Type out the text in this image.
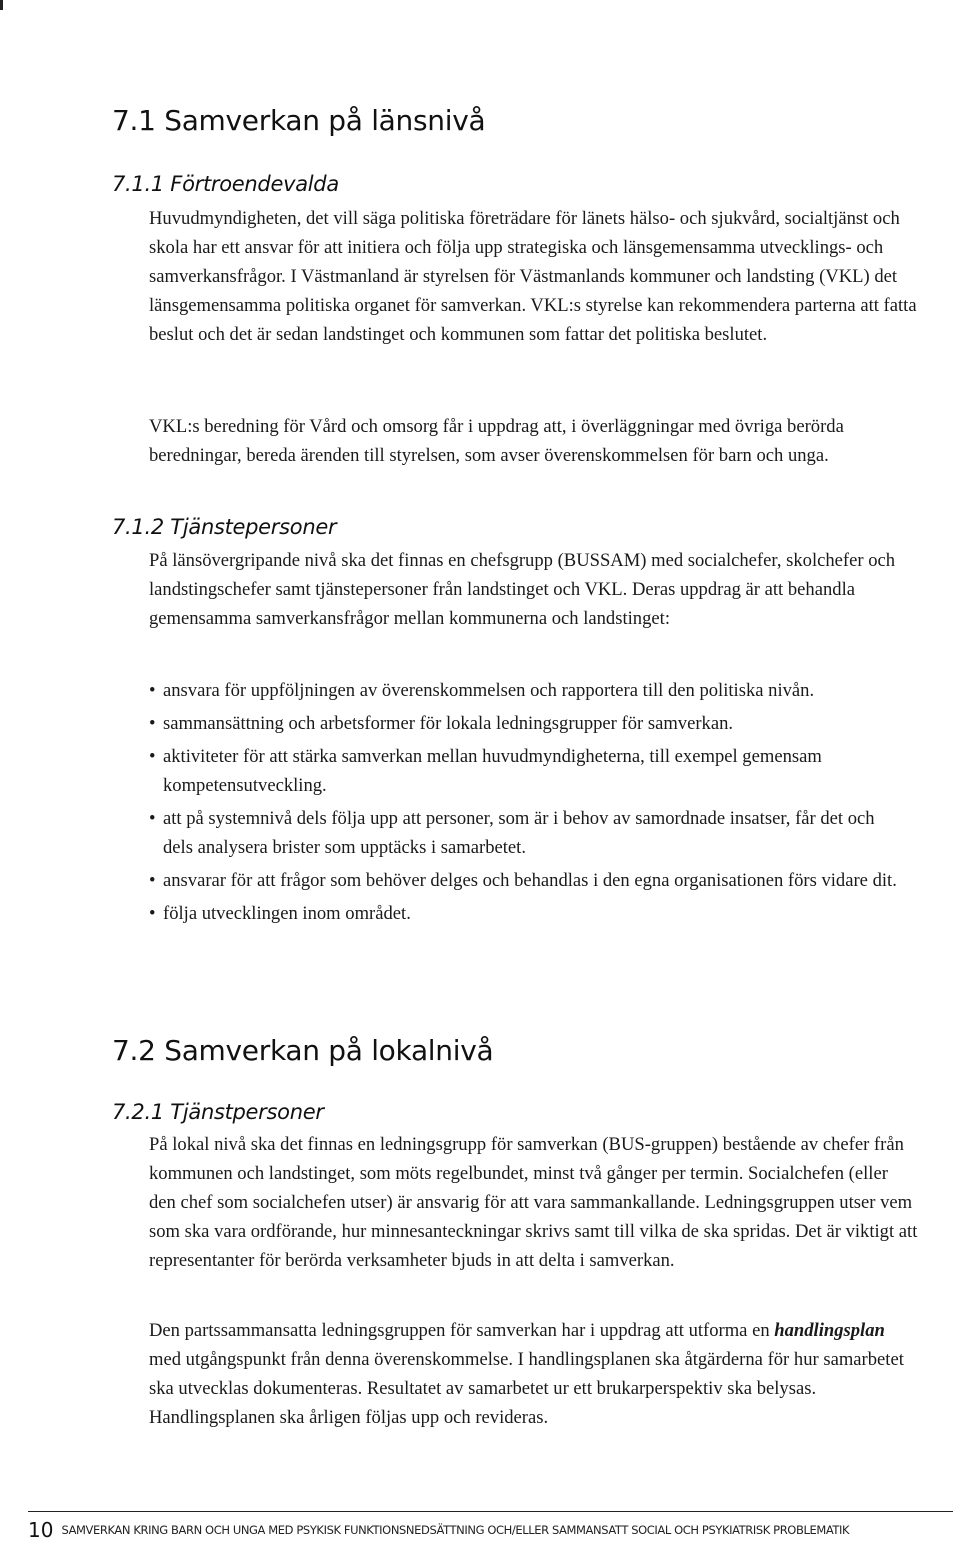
7.1 Samverkan på länsnivå
7.1.1 Förtroendevalda

Huvudmyndigheten, det vill säga politiska företrädare för länets hälso- och sjukvård, socialtjänst och skola har ett ansvar för att initiera och följa upp strategiska och länsgemensamma utvecklings- och samverkansfrågor. I Västmanland är styrelsen för Västmanlands kommuner och landsting (VKL) det länsgemensamma politiska organet för samverkan. VKL:s styrelse kan rekommendera parterna att fatta beslut och det är sedan landstinget och kommunen som fattar det politiska beslutet.

VKL:s beredning för Vård och omsorg får i uppdrag att, i överläggningar med övriga berörda beredningar, bereda ärenden till styrelsen, som avser överenskommelsen för barn och unga.

7.1.2 Tjänstepersoner

På länsövergripande nivå ska det finnas en chefsgrupp (BUSSAM) med socialchefer, skolchefer och landstingschefer samt tjänstepersoner från landstinget och VKL. Deras uppdrag är att behandla gemensamma samverkansfrågor mellan kommunerna och landstinget:

• ansvara för uppföljningen av överenskommelsen och rapportera till den politiska nivån.
• sammansättning och arbetsformer för lokala ledningsgrupper för samverkan.
• aktiviteter för att stärka samverkan mellan huvudmyndigheterna, till exempel gemensam kompetensutveckling.
• att på systemnivå dels följa upp att personer, som är i behov av samordnade insatser, får det och dels analysera brister som upptäcks i samarbetet.
• ansvarar för att frågor som behöver delges och behandlas i den egna organisationen förs vidare dit.
• följa utvecklingen inom området.
7.2 Samverkan på lokalnivå
7.2.1 Tjänstpersoner

På lokal nivå ska det finnas en ledningsgrupp för samverkan (BUS-gruppen) bestående av chefer från kommunen och landstinget, som möts regelbundet, minst två gånger per termin. Socialchefen (eller den chef som socialchefen utser) är ansvarig för att vara sammankallande. Ledningsgruppen utser vem som ska vara ordförande, hur minnesanteckningar skrivs samt till vilka de ska spridas. Det är viktigt att representanter för berörda verksamheter bjuds in att delta i samverkan.

Den partssammansatta ledningsgruppen för samverkan har i uppdrag att utforma en handlingsplan med utgångspunkt från denna överenskommelse. I handlingsplanen ska åtgärderna för hur samarbetet ska utvecklas dokumenteras. Resultatet av samarbetet ur ett brukarperspektiv ska belysas. Handlingsplanen ska årligen följas upp och revideras.

10 SAMVERKAN KRING BARN OCH UNGA MED PSYKISK FUNKTIONSNEDSÄTTNING OCH/ELLER SAMMANSATT SOCIAL OCH PSYKIATRISK PROBLEMATIK
